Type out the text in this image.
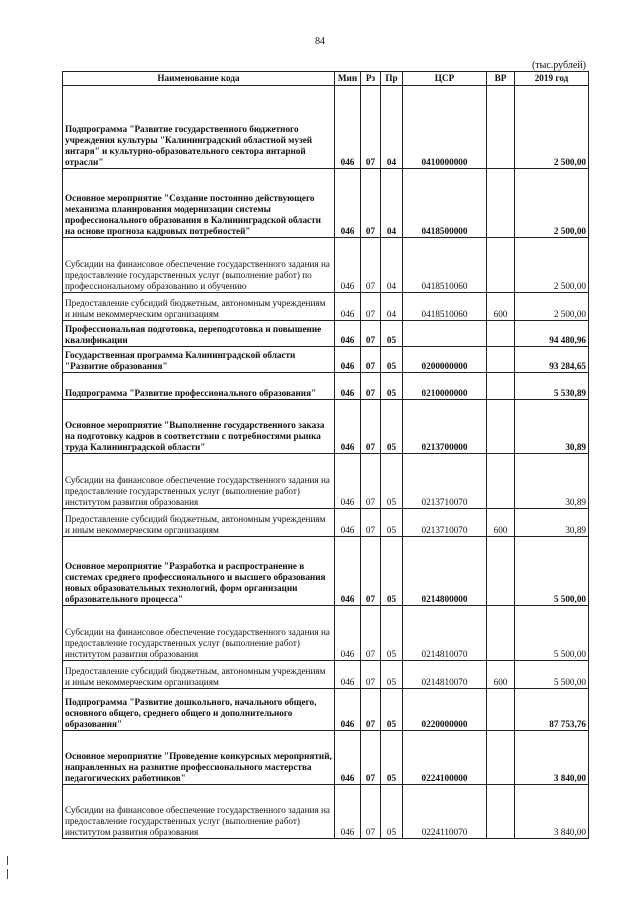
84
(тыс.рублей)
Наименование кода	Мин	Рз	Пр	ЦСР	ВР	2019 год
Подпрограмма "Развитие государственного бюджетного учреждения культуры "Калининградский областной музей янтаря" и культурно-образовательного сектора янтарной отрасли"	046	07	04	0410000000		2 500,00
Основное мероприятие "Создание постоянно действующего механизма планирования модернизации системы профессионального образования в Калининградской области на основе прогноза кадровых потребностей"	046	07	04	0418500000		2 500,00
Субсидии на финансовое обеспечение государственного задания на предоставление государственных услуг (выполнение работ) по профессиональному образованию и обучению	046	07	04	0418510060		2 500,00
Предоставление субсидий бюджетным, автономным учреждениям и иным некоммерческим организациям	046	07	04	0418510060	600	2 500,00
Профессиональная подготовка, переподготовка и повышение квалификации	046	07	05			94 480,96
Государственная программа Калининградской области "Развитие образования"	046	07	05	0200000000		93 284,65
Подпрограмма "Развитие профессионального образования"	046	07	05	0210000000		5 530,89
Основное мероприятие "Выполнение государственного заказа на подготовку кадров в соответствии с потребностями рынка труда Калининградской области"	046	07	05	0213700000		30,89
Субсидии на финансовое обеспечение государственного задания на предоставление государственных услуг (выполнение работ) институтом развития образования	046	07	05	0213710070		30,89
Предоставление субсидий бюджетным, автономным учреждениям и иным некоммерческим организациям	046	07	05	0213710070	600	30,89
Основное мероприятие "Разработка и распространение в системах среднего профессионального и высшего образования новых образовательных технологий, форм организации образовательного процесса"	046	07	05	0214800000		5 500,00
Субсидии на финансовое обеспечение государственного задания на предоставление государственных услуг (выполнение работ) институтом развития образования	046	07	05	0214810070		5 500,00
Предоставление субсидий бюджетным, автономным учреждениям и иным некоммерческим организациям	046	07	05	0214810070	600	5 500,00
Подпрограмма "Развитие дошкольного, начального общего, основного общего, среднего общего и дополнительного образования"	046	07	05	0220000000		87 753,76
Основное мероприятие "Проведение конкурсных мероприятий, направленных на развитие профессионального мастерства педагогических работников"	046	07	05	0224100000		3 840,00
Субсидии на финансовое обеспечение государственного задания на предоставление государственных услуг (выполнение работ) институтом развития образования	046	07	05	0224110070		3 840,00
